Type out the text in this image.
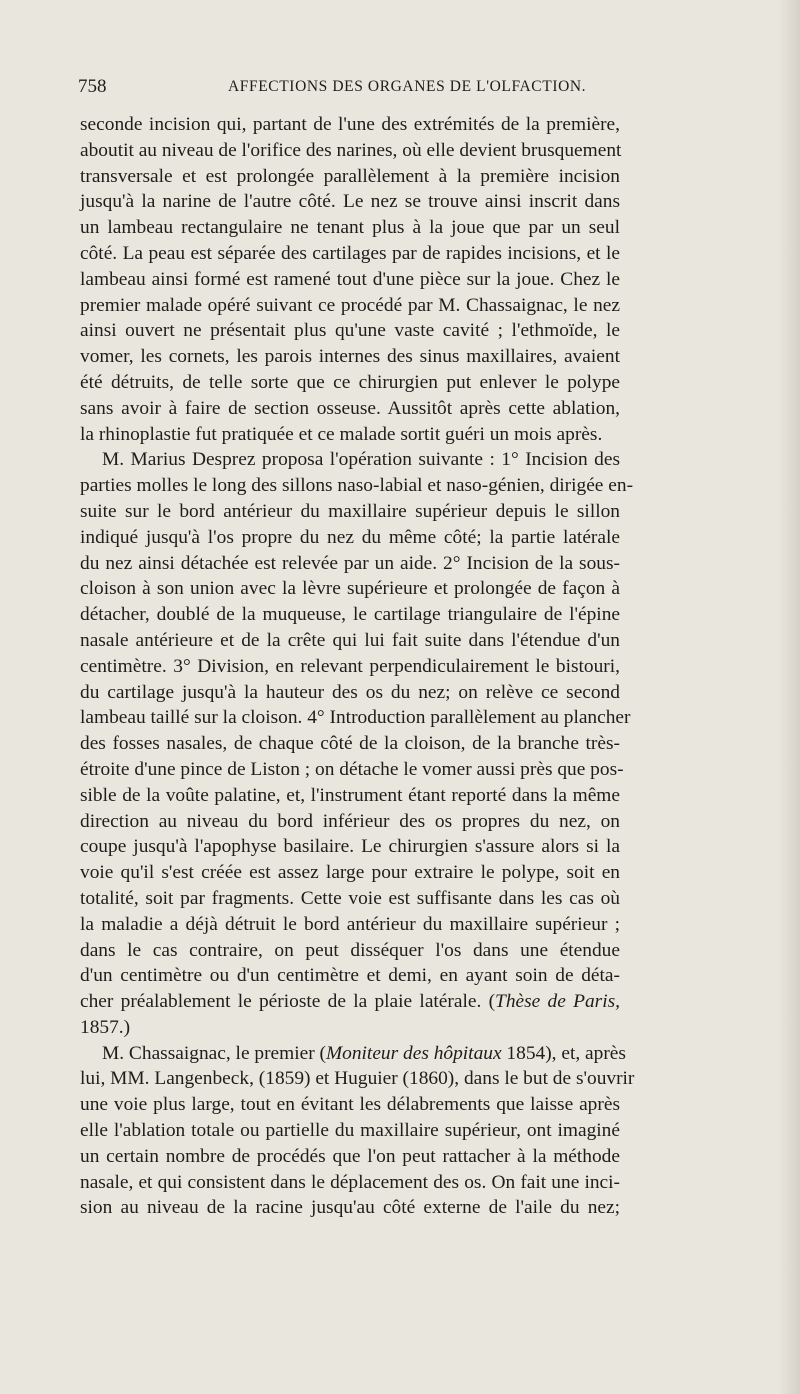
758	AFFECTIONS DES ORGANES DE L'OLFACTION.

seconde incision qui, partant de l'une des extrémités de la première,
aboutit au niveau de l'orifice des narines, où elle devient brusquement
transversale et est prolongée parallèlement à la première incision
jusqu'à la narine de l'autre côté. Le nez se trouve ainsi inscrit dans
un lambeau rectangulaire ne tenant plus à la joue que par un seul
côté. La peau est séparée des cartilages par de rapides incisions, et le
lambeau ainsi formé est ramené tout d'une pièce sur la joue. Chez le
premier malade opéré suivant ce procédé par M. Chassaignac, le nez
ainsi ouvert ne présentait plus qu'une vaste cavité ; l'ethmoïde, le
vomer, les cornets, les parois internes des sinus maxillaires, avaient
été détruits, de telle sorte que ce chirurgien put enlever le polype
sans avoir à faire de section osseuse. Aussitôt après cette ablation,
la rhinoplastie fut pratiquée et ce malade sortit guéri un mois après.

M. Marius Desprez proposa l'opération suivante : 1° Incision des
parties molles le long des sillons naso-labial et naso-génien, dirigée en-
suite sur le bord antérieur du maxillaire supérieur depuis le sillon
indiqué jusqu'à l'os propre du nez du même côté; la partie latérale
du nez ainsi détachée est relevée par un aide. 2° Incision de la sous-
cloison à son union avec la lèvre supérieure et prolongée de façon à
détacher, doublé de la muqueuse, le cartilage triangulaire de l'épine
nasale antérieure et de la crête qui lui fait suite dans l'étendue d'un
centimètre. 3° Division, en relevant perpendiculairement le bistouri,
du cartilage jusqu'à la hauteur des os du nez; on relève ce second
lambeau taillé sur la cloison. 4° Introduction parallèlement au plancher
des fosses nasales, de chaque côté de la cloison, de la branche très-
étroite d'une pince de Liston ; on détache le vomer aussi près que pos-
sible de la voûte palatine, et, l'instrument étant reporté dans la même
direction au niveau du bord inférieur des os propres du nez, on
coupe jusqu'à l'apophyse basilaire. Le chirurgien s'assure alors si la
voie qu'il s'est créée est assez large pour extraire le polype, soit en
totalité, soit par fragments. Cette voie est suffisante dans les cas où
la maladie a déjà détruit le bord antérieur du maxillaire supérieur ;
dans le cas contraire, on peut disséquer l'os dans une étendue
d'un centimètre ou d'un centimètre et demi, en ayant soin de déta-
cher préalablement le périoste de la plaie latérale. (Thèse de Paris,
1857.)

M. Chassaignac, le premier (Moniteur des hôpitaux 1854), et, après
lui, MM. Langenbeck, (1859) et Huguier (1860), dans le but de s'ouvrir
une voie plus large, tout en évitant les délabrements que laisse après
elle l'ablation totale ou partielle du maxillaire supérieur, ont imaginé
un certain nombre de procédés que l'on peut rattacher à la méthode
nasale, et qui consistent dans le déplacement des os. On fait une inci-
sion au niveau de la racine jusqu'au côté externe de l'aile du nez;
